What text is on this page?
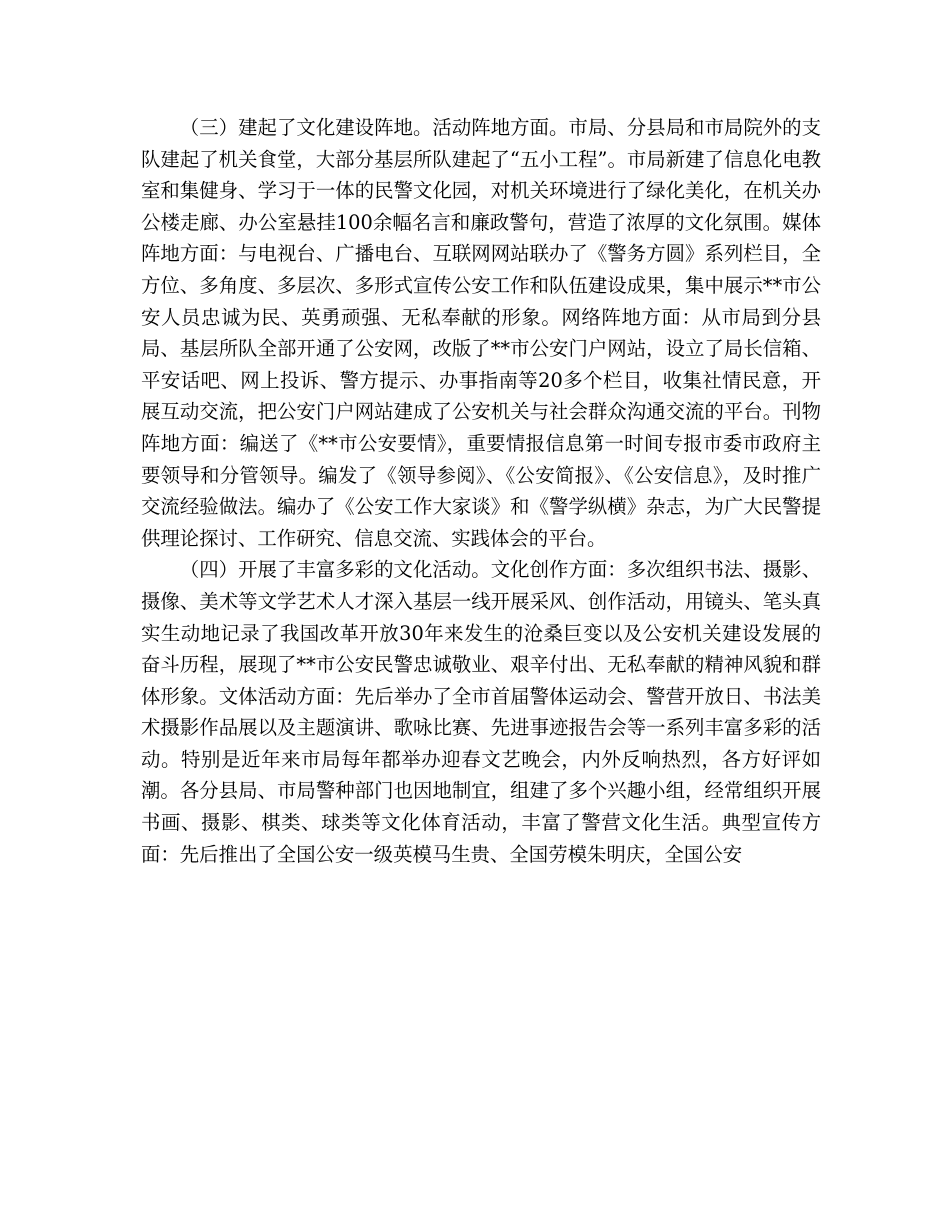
（三）建起了文化建设阵地。活动阵地方面。市局、分县局和市局院外的支队建起了机关食堂，大部分基层所队建起了“五小工程”。市局新建了信息化电教室和集健身、学习于一体的民警文化园，对机关环境进行了绿化美化，在机关办公楼走廊、办公室悬挂100余幅名言和廉政警句，营造了浓厚的文化氛围。媒体阵地方面：与电视台、广播电台、互联网网站联办了《警务方圆》系列栏目，全方位、多角度、多层次、多形式宣传公安工作和队伍建设成果，集中展示**市公安人员忠诚为民、英勇顽强、无私奉献的形象。网络阵地方面：从市局到分县局、基层所队全部开通了公安网，改版了**市公安门户网站，设立了局长信箱、平安话吧、网上投诉、警方提示、办事指南等20多个栏目，收集社情民意，开展互动交流，把公安门户网站建成了公安机关与社会群众沟通交流的平台。刊物阵地方面：编送了《**市公安要情》，重要情报信息第一时间专报市委市政府主要领导和分管领导。编发了《领导参阅》、《公安简报》、《公安信息》，及时推广交流经验做法。编办了《公安工作大家谈》和《警学纵横》杂志，为广大民警提供理论探讨、工作研究、信息交流、实践体会的平台。

（四）开展了丰富多彩的文化活动。文化创作方面：多次组织书法、摄影、摄像、美术等文学艺术人才深入基层一线开展采风、创作活动，用镜头、笔头真实生动地记录了我国改革开放30年来发生的沧桑巨变以及公安机关建设发展的奋斗历程，展现了**市公安民警忠诚敬业、艰辛付出、无私奉献的精神风貌和群体形象。文体活动方面：先后举办了全市首届警体运动会、警营开放日、书法美术摄影作品展以及主题演讲、歌咏比赛、先进事迹报告会等一系列丰富多彩的活动。特别是近年来市局每年都举办迎春文艺晚会，内外反响热烈，各方好评如潮。各分县局、市局警种部门也因地制宜，组建了多个兴趣小组，经常组织开展书画、摄影、棋类、球类等文化体育活动，丰富了警营文化生活。典型宣传方面：先后推出了全国公安一级英模马生贵、全国劳模朱明庆，全国公安
